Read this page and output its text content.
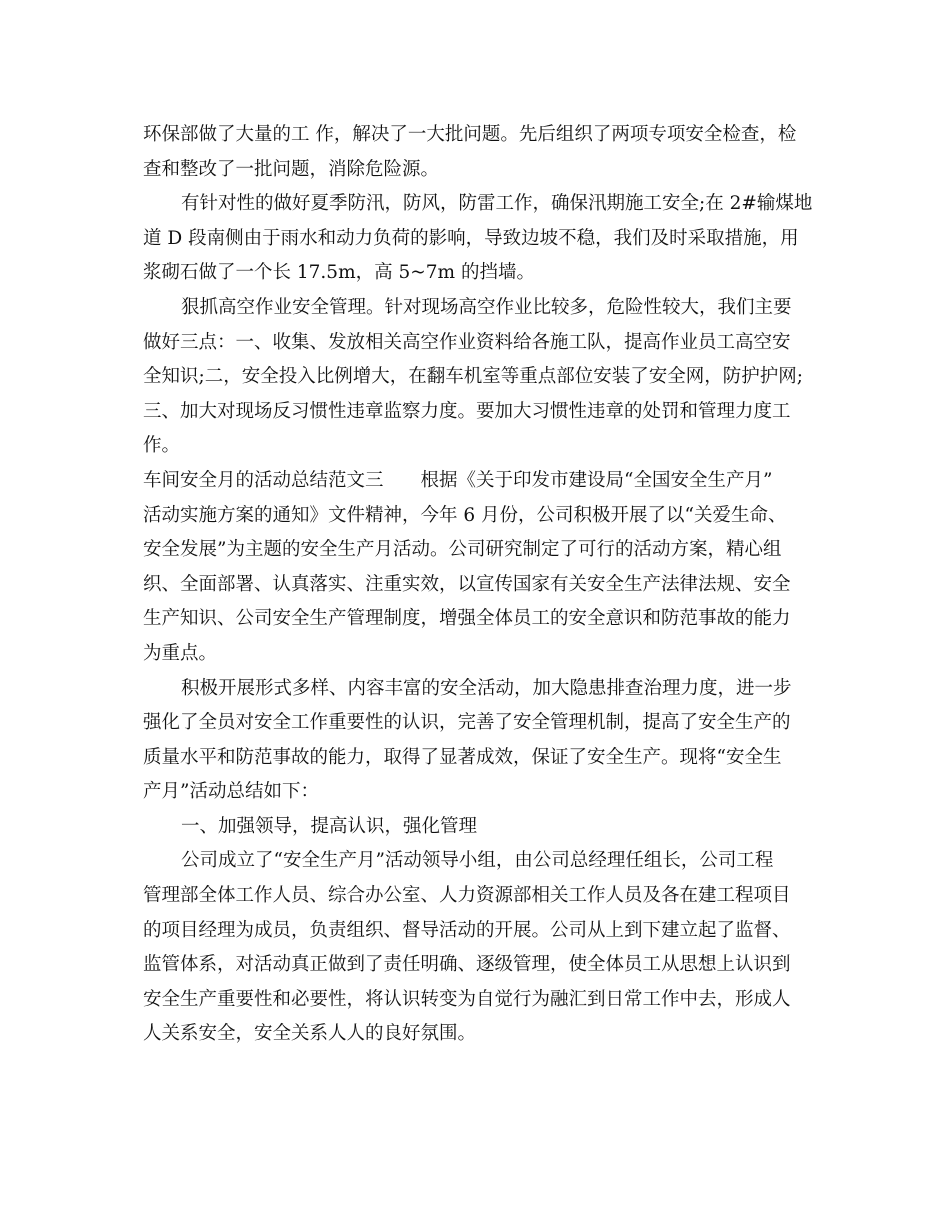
环保部做了大量的工 作，解决了一大批问题。先后组织了两项专项安全检查，检
查和整改了一批问题，消除危险源。
有针对性的做好夏季防汛，防风，防雷工作，确保汛期施工安全;在 2#输煤地
道 D 段南侧由于雨水和动力负荷的影响，导致边坡不稳，我们及时采取措施，用
浆砌石做了一个长 17.5m，高 5~7m 的挡墙。
狠抓高空作业安全管理。针对现场高空作业比较多，危险性较大，我们主要
做好三点：一、收集、发放相关高空作业资料给各施工队，提高作业员工高空安
全知识;二，安全投入比例增大，在翻车机室等重点部位安装了安全网，防护护网;
三、加大对现场反习惯性违章监察力度。要加大习惯性违章的处罚和管理力度工
作。
车间安全月的活动总结范文三　　根据《关于印发市建设局“全国安全生产月”
活动实施方案的通知》文件精神，今年 6 月份，公司积极开展了以“关爱生命、
安全发展”为主题的安全生产月活动。公司研究制定了可行的活动方案，精心组
织、全面部署、认真落实、注重实效，以宣传国家有关安全生产法律法规、安全
生产知识、公司安全生产管理制度，增强全体员工的安全意识和防范事故的能力
为重点。
积极开展形式多样、内容丰富的安全活动，加大隐患排查治理力度，进一步
强化了全员对安全工作重要性的认识，完善了安全管理机制，提高了安全生产的
质量水平和防范事故的能力，取得了显著成效，保证了安全生产。现将“安全生
产月”活动总结如下：
一、加强领导，提高认识，强化管理
公司成立了“安全生产月”活动领导小组，由公司总经理任组长，公司工程
管理部全体工作人员、综合办公室、人力资源部相关工作人员及各在建工程项目
的项目经理为成员，负责组织、督导活动的开展。公司从上到下建立起了监督、
监管体系，对活动真正做到了责任明确、逐级管理，使全体员工从思想上认识到
安全生产重要性和必要性，将认识转变为自觉行为融汇到日常工作中去，形成人
人关系安全，安全关系人人的良好氛围。
